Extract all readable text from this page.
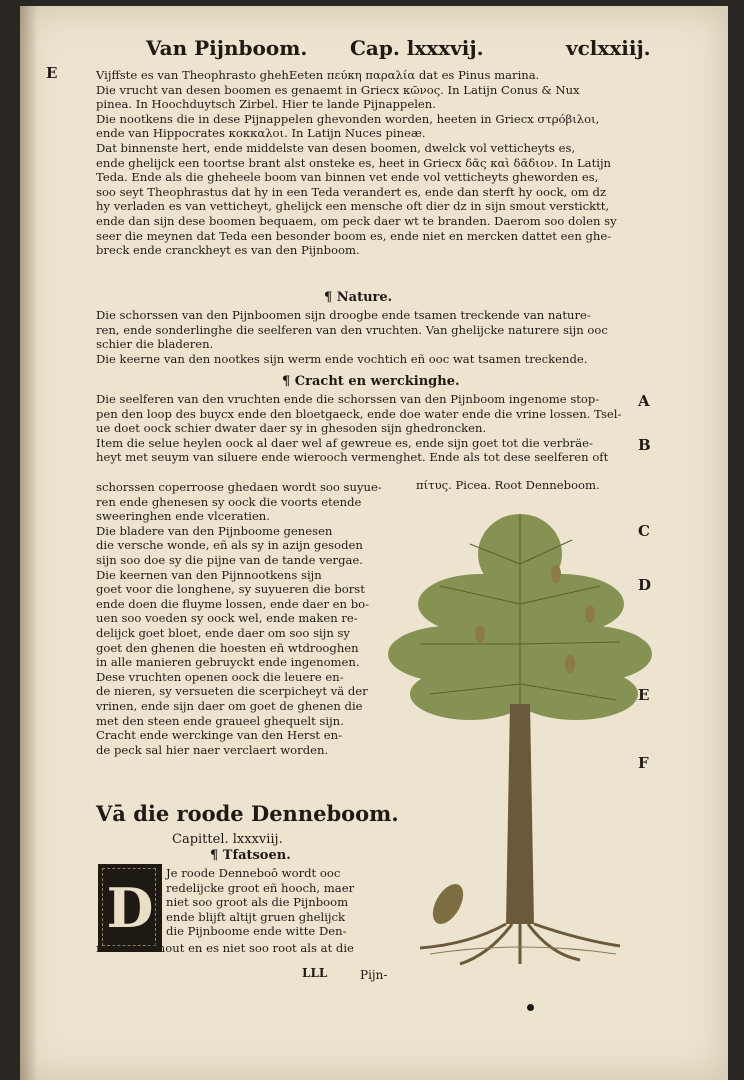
Van Pijnboom. Cap. lxxxvij.	vclxxiij.
E	Vijffste es van Theophrasto ghehEeten πεύκη παραλία dat es Pinus marina.
Die vrucht van desen boomen es genaemt in Griecx κῶνος. In Latijn Conus & Nux
pinea. In Hoochduytsch Zirbel. Hier te lande Pijnappelen.
Die nootkens die in dese Pijnappelen ghevonden worden, heeten in Griecx στρόβιλοι,
ende van Hippocrates κοκκαλοι. In Latijn Nuces pineæ.
Dat binnenste hert, ende middelste van desen boomen, dwelck vol vetticheyts es,
ende ghelijck een toortse brant alst onsteke es, heet in Griecx δᾶς καὶ δᾶδιον. In Latijn
Teda. Ende als die gheheele boom van binnen vet ende vol vetticheyts gheworden es,
soo seyt Theophrastus dat hy in een Teda verandert es, ende dan sterft hy oock, om dz
hy verladen es van vetticheyt, ghelijck een mensche oft dier dz in sijn smout versticktt,
ende dan sijn dese boomen bequaem, om peck daer wt te branden. Daerom soo dolen sy
seer die meynen dat Teda een besonder boom es, ende niet en mercken dattet een ghe-
breck ende cranckheyt es van den Pijnboom.
¶ Nature.
Die schorssen van den Pijnboomen sijn droogbe ende tsamen treckende van nature-
ren, ende sonderlinghe die seelferen van den vruchten. Van ghelijcke naturere sijn ooc
schier die bladeren.
Die keerne van den nootkes sijn werm ende vochtich eñ ooc wat tsamen treckende.
¶ Cracht en werckinghe.
Die seelferen van den vruchten ende die schorssen van den Pijnboom ingenome stop-
pen den loop des buycx ende den bloetgaeck, ende doe water ende die vrine lossen. Tsel-
ue doet oock schier dwater daer sy in ghesoden sijn ghedroncken.
Item die selue heylen oock al daer wel af gewreue es, ende sijn goet tot die verbräe-
heyt met seuym van siluere ende wierooch vermenghet. Ende als tot dese seelferen oft
πίτυς. Picea. Root Denneboom.
schorssen coperroose ghedaen wordt soo suyue-
ren ende ghenesen sy oock die voorts etende
sweeringhen ende vlceratien.
Die bladere van den Pijnboome genesen
die versche wonde, eñ als sy in azijn gesoden
sijn soo doe sy die pijne van de tande vergae.
Die keernen van den Pijnnootkens sijn
goet voor die longhene, sy suyueren die borst
ende doen die fluyme lossen, ende daer en bo-
uen soo voeden sy oock wel, ende maken re-
delijck goet bloet, ende daer om soo sijn sy
goet den ghenen die hoesten eñ wtdrooghen
in alle manieren gebruyckt ende ingenomen.
Dese vruchten openen oock die leuere en-
de nieren, sy versueten die scerpicheyt vä der
vrinen, ende sijn daer om goet de ghenen die
met den steen ende graueel ghequelt sijn.
Cracht ende werckinge van den Herst en-
de peck sal hier naer verclaert worden.
A
B
C
D
E
F
Vā die roode Denneboom.
Capittel. lxxxviij.
¶ Tfatsoen.
D
Je roode Denneboō wordt ooc
redelijcke groot eñ hooch, maer
niet soo groot als die Pijnboom
ende blijft altijt gruen ghelijck
die Pijnboome ende witte Den-
neboom. Thout en es niet soo root als at die
LLL	Pijn-
